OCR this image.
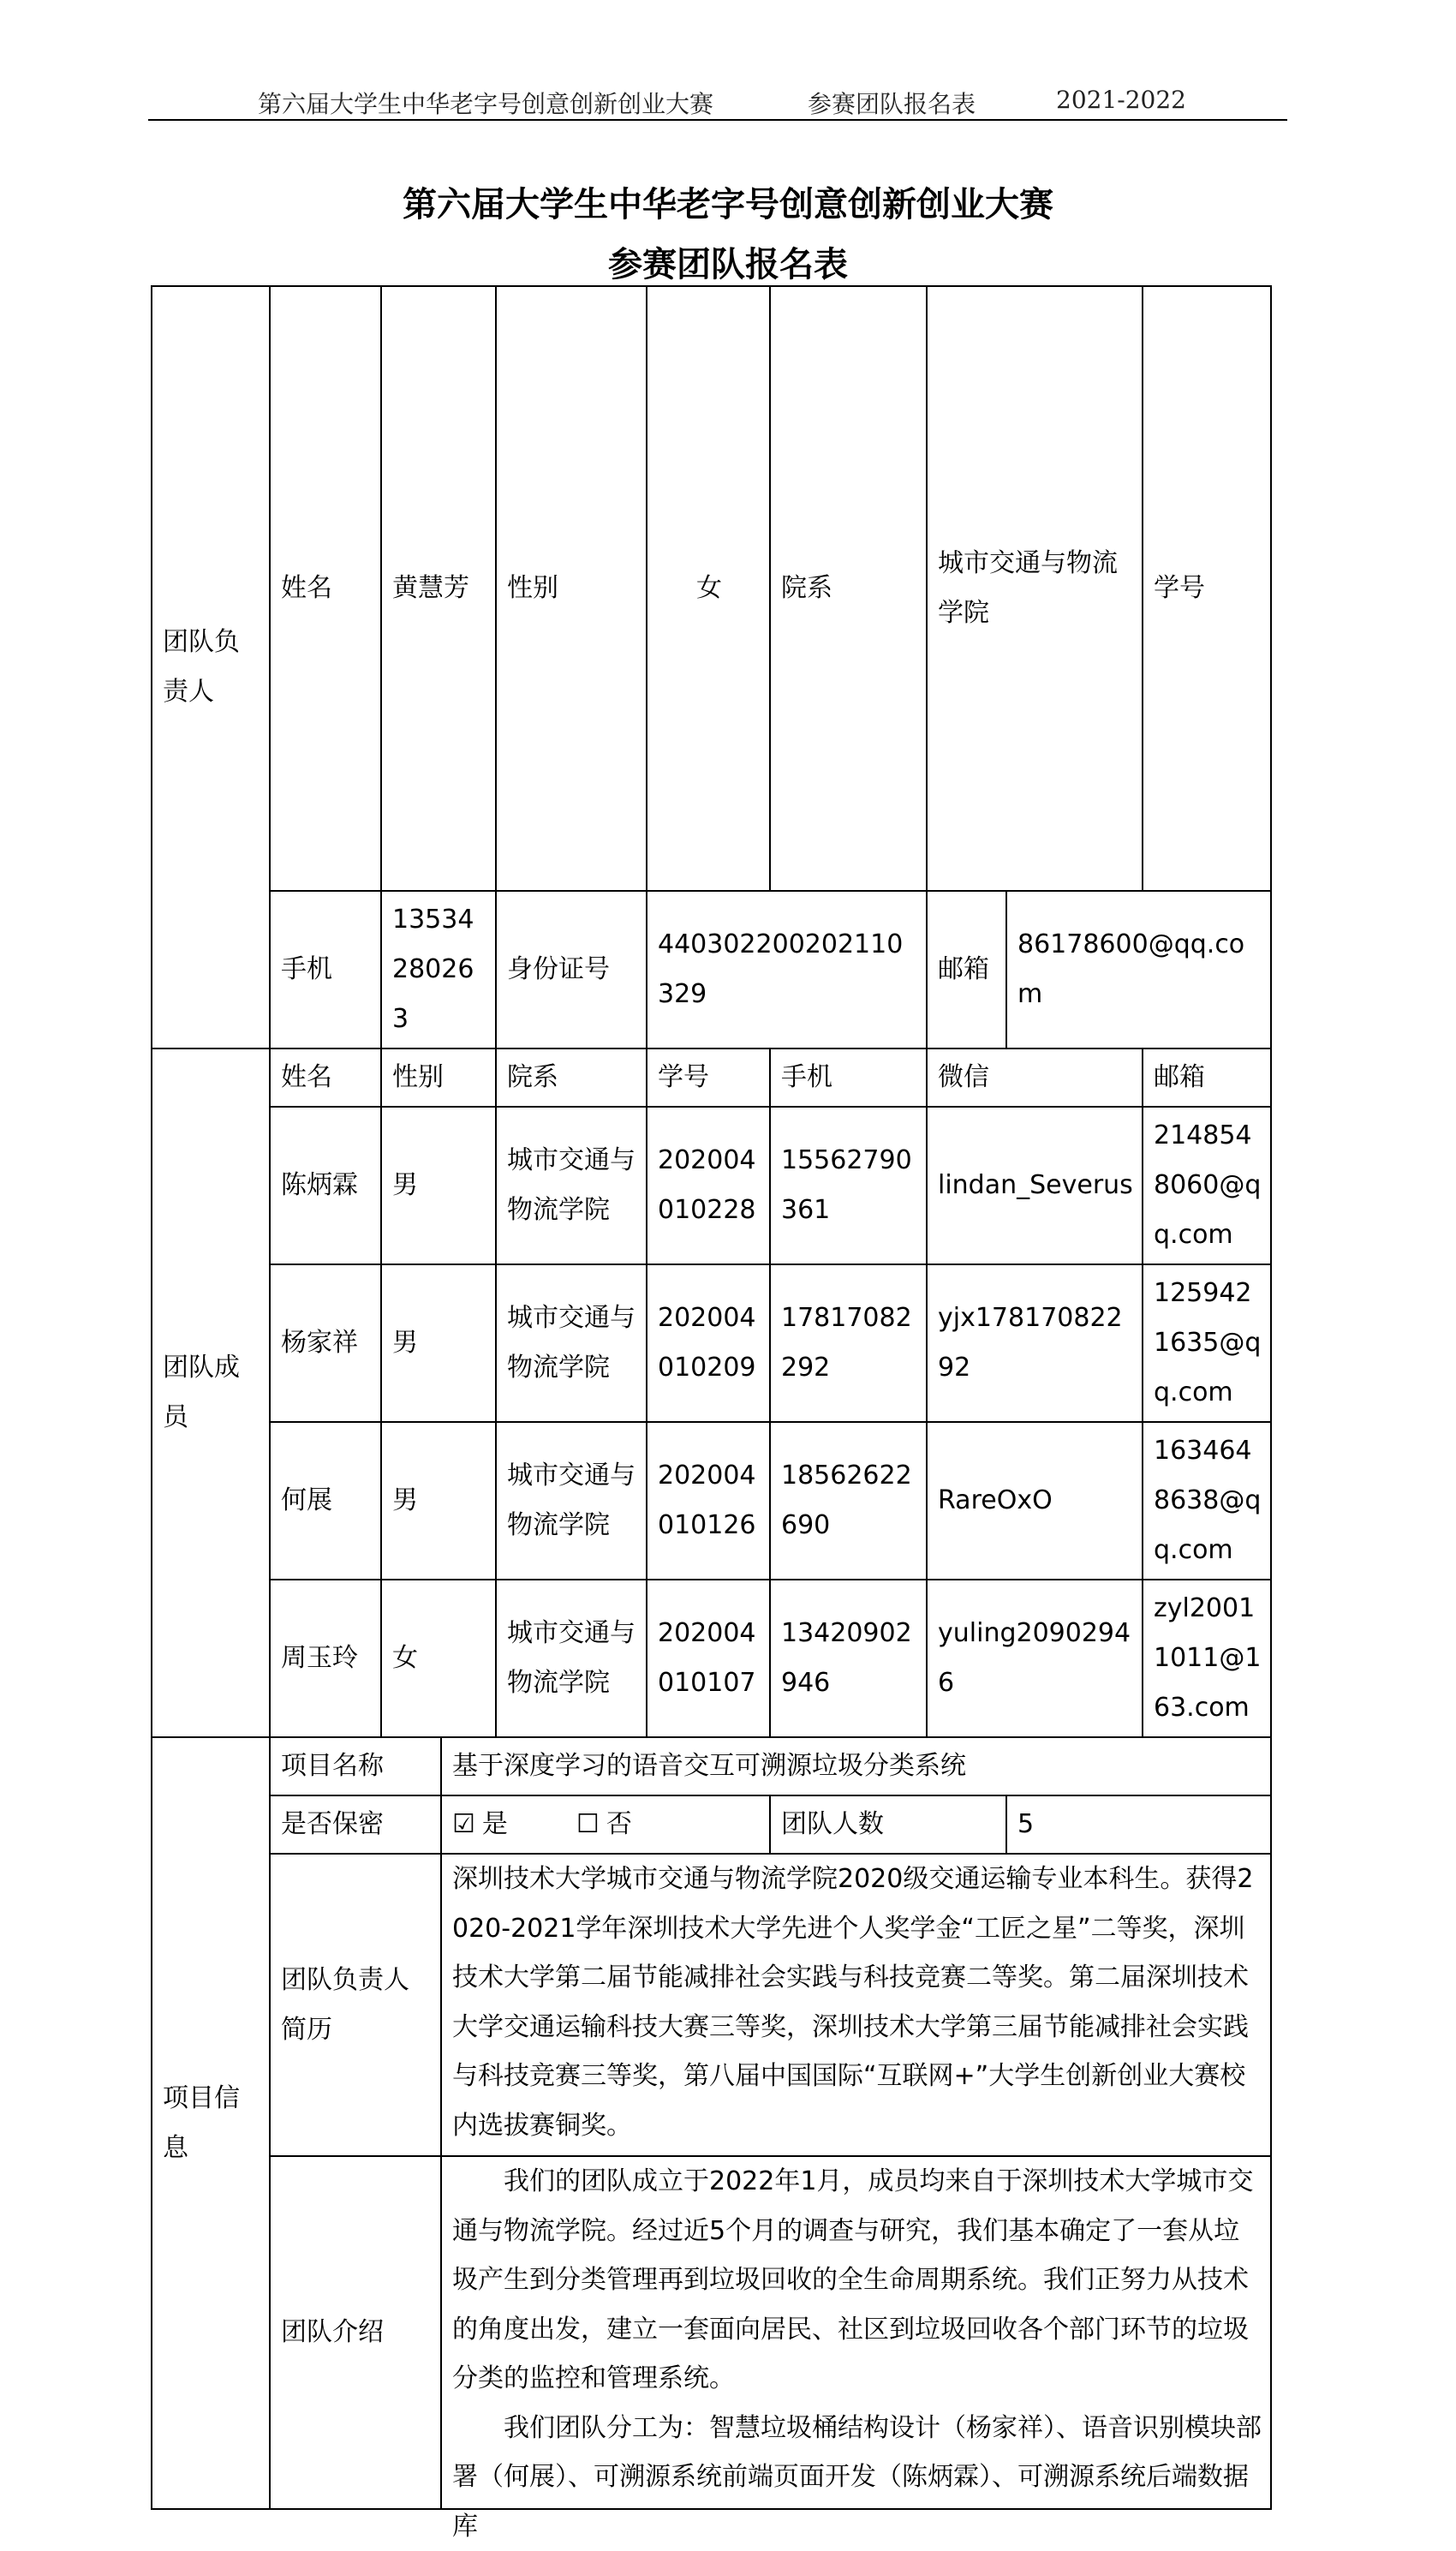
第六届大学生中华老字号创意创新创业大赛	参赛团队报名表	2021-2022
第六届大学生中华老字号创意创新创业大赛
参赛团队报名表
团队负责人	姓名	黄慧芳		性别	女	院系	城市交通与物流学院		学号	
	手机	13534280263		身份证号	440302200202110329		邮箱	86178600@qq.com		
团队成员	姓名	性别		院系	学号	手机	微信		邮箱	
	陈炳霖	男		城市交通与物流学院	202004010228	15562790361	lindan_Severus		2148548060@qq.com	
	杨家祥	男		城市交通与物流学院	202004010209	17817082292	yjx17817082292		1259421635@qq.com	
	何展	男		城市交通与物流学院	202004010126	18562622690	RareOxO		1634648638@qq.com	
	周玉玲	女		城市交通与物流学院	202004010107	13420902946	yuling20902946		zyl20011011@163.com	
项目信息	项目名称		基于深度学习的语音交互可溯源垃圾分类系统							
	是否保密		☑ 是 ☐ 否			团队人数		5		
	团队负责人简历		深圳技术大学城市交通与物流学院2020级交通运输专业本科生。获得2020-2021学年深圳技术大学先进个人奖学金“工匠之星”二等奖，深圳技术大学第二届节能减排社会实践与科技竞赛二等奖。第二届深圳技术大学交通运输科技大赛三等奖，深圳技术大学第三届节能减排社会实践与科技竞赛三等奖，第八届中国国际“互联网+”大学生创新创业大赛校内选拔赛铜奖。							
	团队介绍		我们的团队成立于2022年1月，成员均来自于深圳技术大学城市交通与物流学院。经过近5个月的调查与研究，我们基本确定了一套从垃圾产生到分类管理再到垃圾回收的全生命周期系统。我们正努力从技术的角度出发，建立一套面向居民、社区到垃圾回收各个部门环节的垃圾分类的监控和管理系统。

我们团队分工为：智慧垃圾桶结构设计（杨家祥）、语音识别模块部署（何展）、可溯源系统前端页面开发（陈炳霖）、可溯源系统后端数据库							
